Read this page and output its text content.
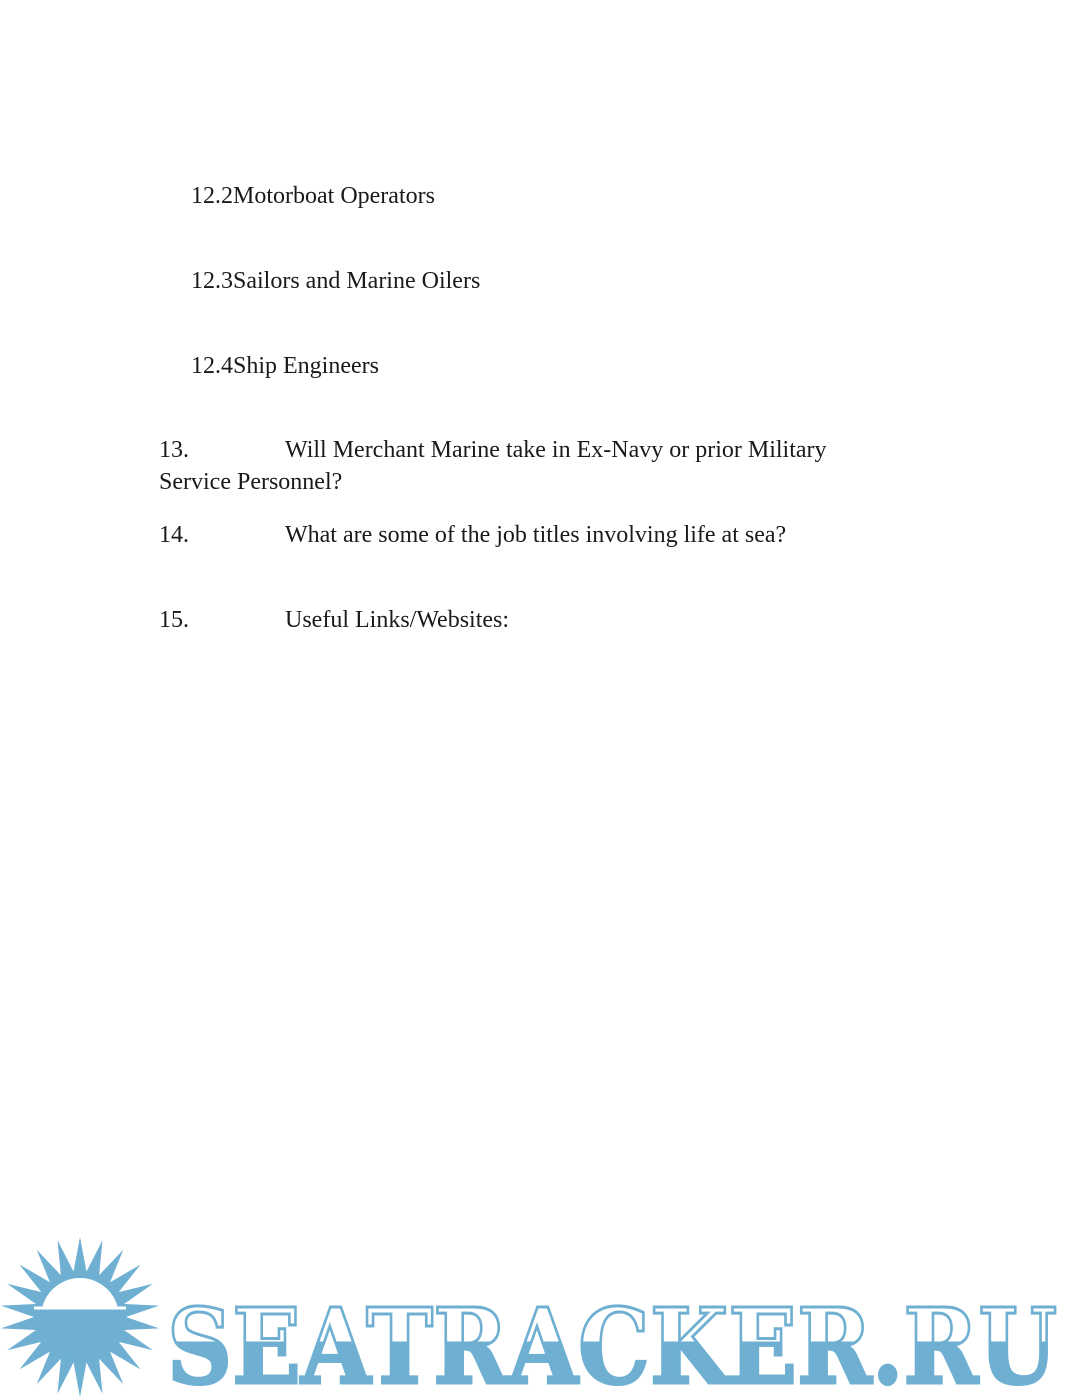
12.2Motorboat Operators
12.3Sailors and Marine Oilers
12.4Ship Engineers
13.	Will Merchant Marine take in Ex-Navy or prior Military
Service Personnel?
14.	What are some of the job titles involving life at sea?
15.	Useful Links/Websites:
SEATRACKER.RU
